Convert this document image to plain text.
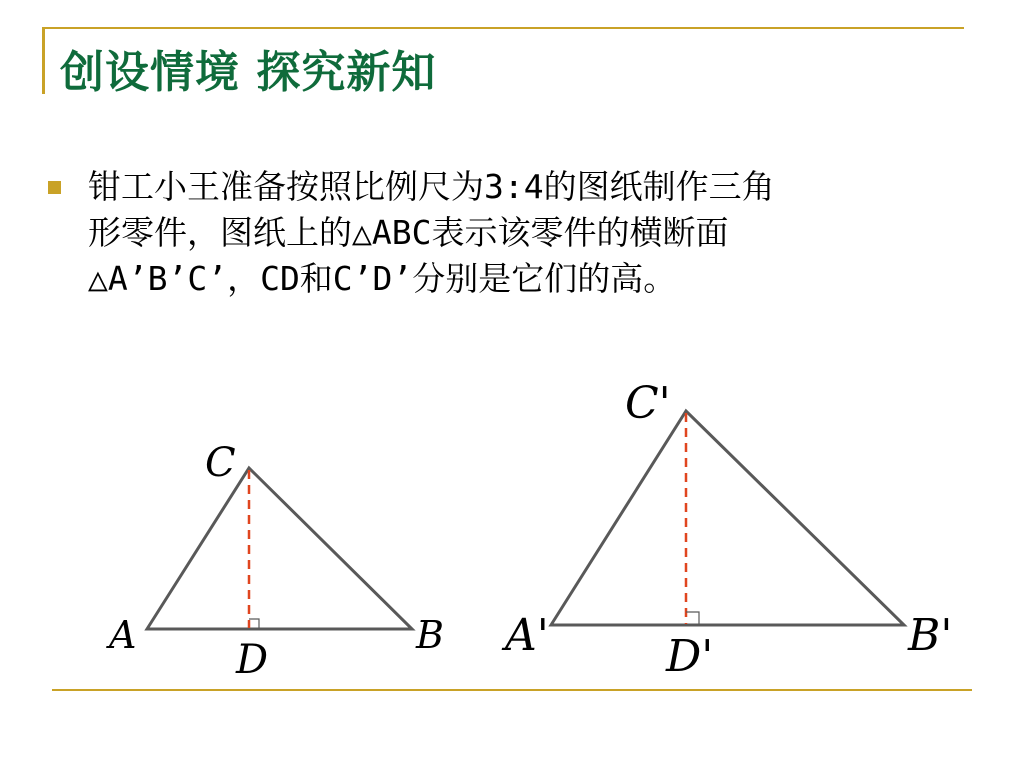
创设情境 探究新知
钳工小王准备按照比例尺为3:4的图纸制作三角
形零件，图纸上的△ABC表示该零件的横断面
△A’B’C’，CD和C’D’分别是它们的高。
C
A	B
D
C'
A'	B'
D'
